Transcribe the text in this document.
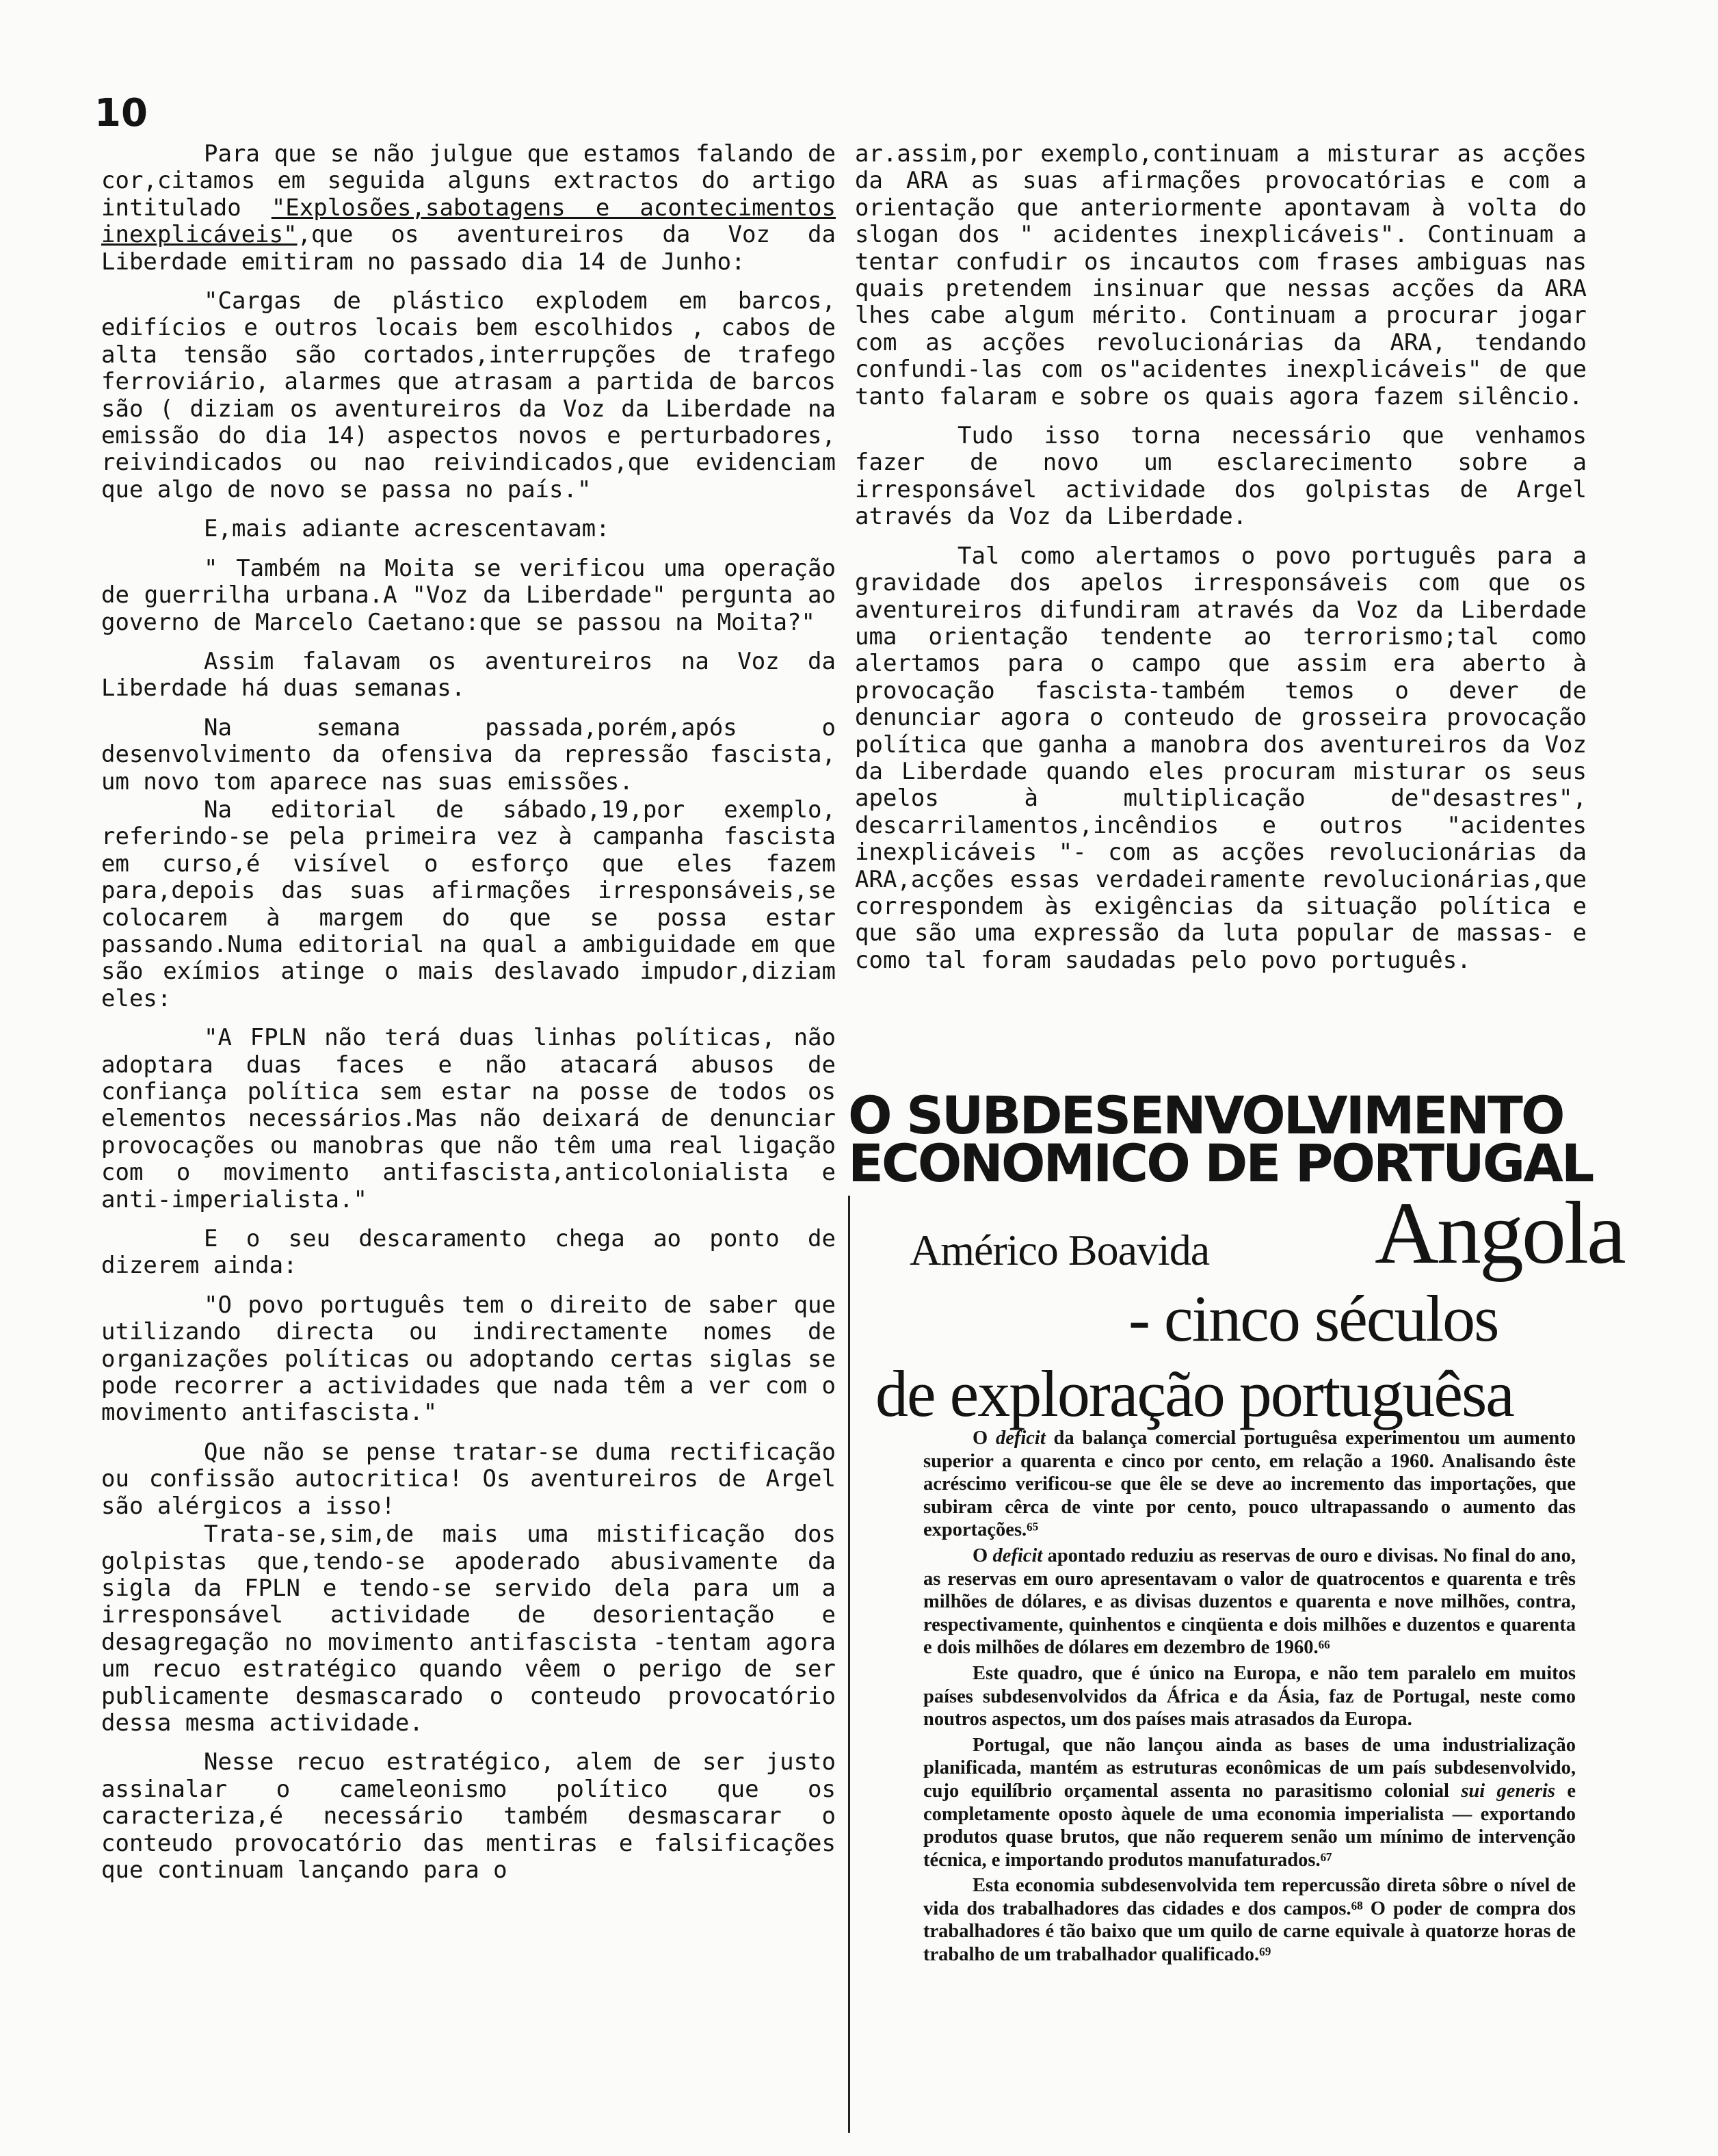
10

Para que se não julgue que estamos falando de cor,citamos em seguida alguns extractos do artigo intitulado "Explosões,sabotagens e acontecimentos inexplicáveis",que os aventureiros da Voz da Liberdade emitiram no passado dia 14 de Junho:

"Cargas de plástico explodem em barcos, edifícios e outros locais bem escolhidos , cabos de alta tensão são cortados,interrupções de trafego ferroviário, alarmes que atrasam a partida de barcos são ( diziam os aventureiros da Voz da Liberdade na emissão do dia 14) aspectos novos e perturbadores, reivindicados ou nao reivindicados,que evidenciam que algo de novo se passa no país."

E,mais adiante acrescentavam:

" Também na Moita se verificou uma operação de guerrilha urbana.A "Voz da Liberdade" pergunta ao governo de Marcelo Caetano:que se passou na Moita?"

Assim falavam os aventureiros na Voz da Liberdade há duas semanas.

Na semana passada,porém,após o desenvolvimento da ofensiva da repressão fascista, um novo tom aparece nas suas emissões.

Na editorial de sábado,19,por exemplo, referindo-se pela primeira vez à campanha fascista em curso,é visível o esforço que eles fazem para,depois das suas afirmações irresponsáveis,se colocarem à margem do que se possa estar passando.Numa editorial na qual a ambiguidade em que são exímios atinge o mais deslavado impudor,diziam eles:

"A FPLN não terá duas linhas políticas, não adoptara duas faces e não atacará abusos de confiança política sem estar na posse de todos os elementos necessários.Mas não deixará de denunciar provocações ou manobras que não têm uma real ligação com o movimento antifascista,anticolonialista e anti-imperialista."

E o seu descaramento chega ao ponto de dizerem ainda:

"O povo português tem o direito de saber que utilizando directa ou indirectamente nomes de organizações políticas ou adoptando certas siglas se pode recorrer a actividades que nada têm a ver com o movimento antifascista."

Que não se pense tratar-se duma rectificação ou confissão autocritica! Os aventureiros de Argel são alérgicos a isso!

Trata-se,sim,de mais uma mistificação dos golpistas que,tendo-se apoderado abusivamente da sigla da FPLN e tendo-se servido dela para um a irresponsável actividade de desorientação e desagregação no movimento antifascista -tentam agora um recuo estratégico quando vêem o perigo de ser publicamente desmascarado o conteudo provocatório dessa mesma actividade.

Nesse recuo estratégico, alem de ser justo assinalar o cameleonismo político que os caracteriza,é necessário também desmascarar o conteudo provocatório das mentiras e falsificações que continuam lançando para o

ar.assim,por exemplo,continuam a misturar as acções da ARA as suas afirmações provocatórias e com a orientação que anteriormente apontavam à volta do slogan dos " acidentes inexplicáveis". Continuam a tentar confudir os incautos com frases ambiguas nas quais pretendem insinuar que nessas acções da ARA lhes cabe algum mérito. Continuam a procurar jogar com as acções revolucionárias da ARA, tendando confundi-las com os"acidentes inexplicáveis" de que tanto falaram e sobre os quais agora fazem silêncio.

Tudo isso torna necessário que venhamos fazer de novo um esclarecimento sobre a irresponsável actividade dos golpistas de Argel através da Voz da Liberdade.

Tal como alertamos o povo português para a gravidade dos apelos irresponsáveis com que os aventureiros difundiram através da Voz da Liberdade uma orientação tendente ao terrorismo;tal como alertamos para o campo que assim era aberto à provocação fascista-também temos o dever de denunciar agora o conteudo de grosseira provocação política que ganha a manobra dos aventureiros da Voz da Liberdade quando eles procuram misturar os seus apelos à multiplicação de"desastres", descarrilamentos,incêndios e outros "acidentes inexplicáveis "- com as acções revolucionárias da ARA,acções essas verdadeiramente revolucionárias,que correspondem às exigências da situação política e que são uma expressão da luta popular de massas- e como tal foram saudadas pelo povo português.

O SUBDESENVOLVIMENTO
ECONOMICO DE PORTUGAL
Américo Boavida Angola
- cinco séculos
de exploração portuguêsa

O deficit da balança comercial portuguêsa experimentou um aumento superior a quarenta e cinco por cento, em relação a 1960. Analisando êste acréscimo verificou-se que êle se deve ao incremento das importações, que subiram cêrca de vinte por cento, pouco ultrapassando o aumento das exportações.⁶⁵

O deficit apontado reduziu as reservas de ouro e divisas. No final do ano, as reservas em ouro apresentavam o valor de quatrocentos e quarenta e três milhões de dólares, e as divisas duzentos e quarenta e nove milhões, contra, respectivamente, quinhentos e cinqüenta e dois milhões e duzentos e quarenta e dois milhões de dólares em dezembro de 1960.⁶⁶

Este quadro, que é único na Europa, e não tem paralelo em muitos países subdesenvolvidos da África e da Ásia, faz de Portugal, neste como noutros aspectos, um dos países mais atrasados da Europa.

Portugal, que não lançou ainda as bases de uma industrialização planificada, mantém as estruturas econômicas de um país subdesenvolvido, cujo equilíbrio orçamental assenta no parasitismo colonial sui generis e completamente oposto àquele de uma economia imperialista — exportando produtos quase brutos, que não requerem senão um mínimo de intervenção técnica, e importando produtos manufaturados.⁶⁷

Esta economia subdesenvolvida tem repercussão direta sôbre o nível de vida dos trabalhadores das cidades e dos campos.⁶⁸ O poder de compra dos trabalhadores é tão baixo que um quilo de carne equivale à quatorze horas de trabalho de um trabalhador qualificado.⁶⁹
